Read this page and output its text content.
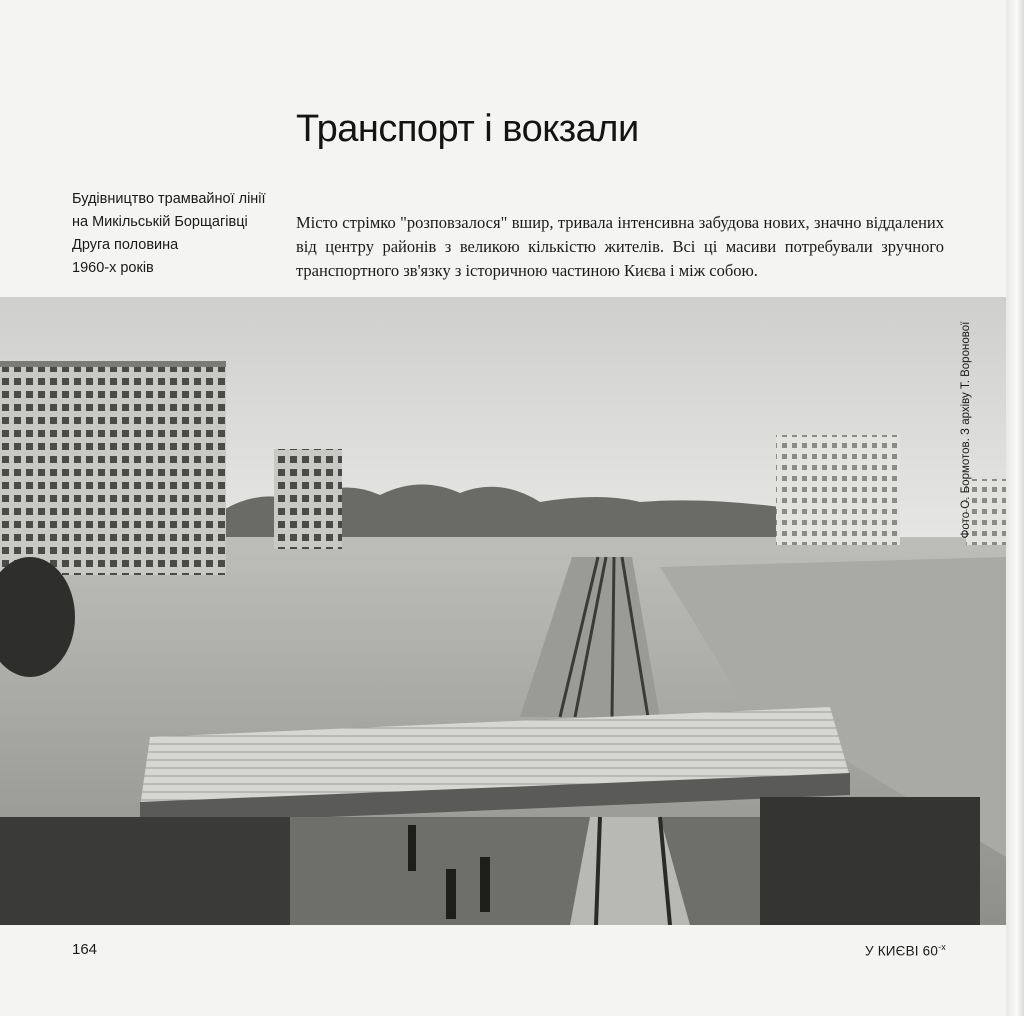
Транспорт і вокзали
Будівництво трамвайної лінії
на Микільській Борщагівці
Друга половина
1960-х років

Місто стрімко "розповзалося" вшир, тривала інтенсивна забудова нових, значно віддалених від центру районів з великою кількістю жителів. Всі ці масиви потребували зручного транспортного зв'язку з історичною частиною Києва і між собою.

Фото О. Бормотов. З архіву Т. Воронової
164	У КИЄВІ $60^{-х}$
